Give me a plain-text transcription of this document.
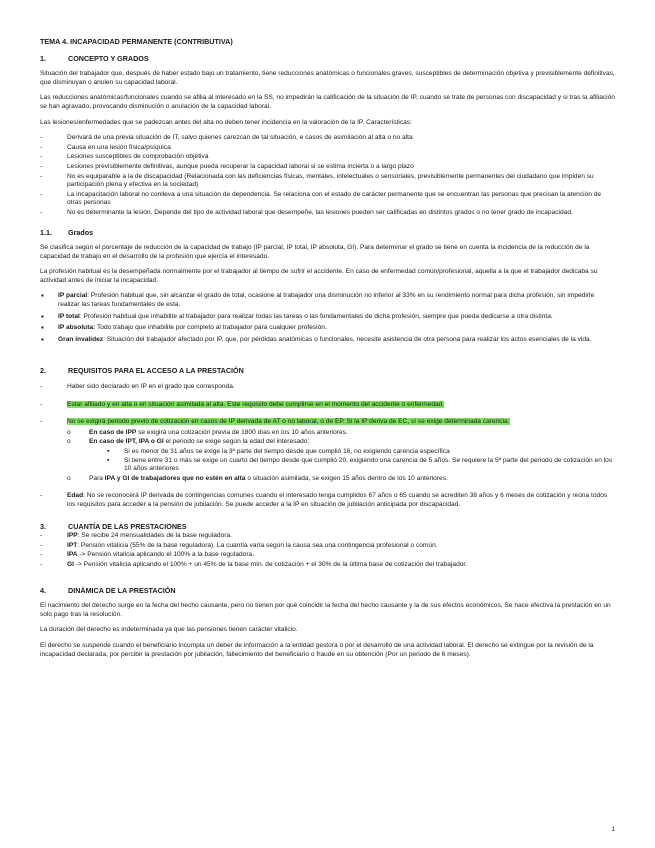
TEMA 4. INCAPACIDAD PERMANENTE (CONTRIBUTIVA)
1.	CONCEPTO Y GRADOS

Situación del trabajador que, después de haber estado bajo un tratamiento, tiene reducciones anatómicas o funcionales graves, susceptibles de determinación objetiva y previsiblemente definitivas, que disminuyan o anulen su capacidad laboral.

Las reducciones anatómicas/funcionales cuando se afilia al interesado en la SS, no impedirán la calificación de la situación de IP, cuando se trate de personas con discapacidad y si tras la afiliación se han agravado, provocando disminución o anulación de la capacidad laboral.

Las lesiones/enfermedades que se padezcan antes del alta no deben tener incidencia en la valoración de la IP. Características:

- Derivará de una previa situación de IT, salvo quienes carezcan de tal situación, e casos de asimilación al alta o no alta
- Causa en una lesión física/psíquica
- Lesiones susceptibles de comprobación objetiva
- Lesiones previsiblemente definitivas, aunque pueda recuperar la capacidad laboral si se estima incierta o a largo plazo
- No es equiparable a la de discapacidad (Relacionada con las deficiencias físicas, mentales, intelectuales o sensoriales, previsiblemente permanentes del ciudadano que impiden su participación plena y efectiva en la sociedad)
- La incapacitación laboral no conlleva a una situación de dependencia. Se relaciona con el estado de carácter permanente que se encuentran las personas que precisan la atención de otras personas
- No es determinante la lesión. Depende del tipo de actividad laboral que desempeñe, las lesiones pueden ser calificadas en distintos grados o no tener grado de incapacidad.
1.1.	Grados

Se clasifica según el porcentaje de reducción de la capacidad de trabajo (IP parcial, IP total, IP absoluta, GI). Para determinar el grado se tiene en cuenta la incidencia de la reducción de la capacidad de trabajo en el desarrollo de la profesión que ejercía el interesado.

La profesión habitual es la desempeñada normalmente por el trabajador al tiempo de sufrir el accidente. En caso de enfermedad común/profesional, aquella a la que el trabajador dedicaba su actividad antes de iniciar la incapacidad.

▪ IP parcial: Profesión habitual que, sin alcanzar el grado de total, ocasione al trabajador una disminución no inferior al 33% en su rendimiento normal para dicha profesión, sin impedirle realizar las tareas fundamentales de esta.
▪ IP total: Profesión habitual que inhabilite al trabajador para realizar todas las tareas o las fundamentales de dicha profesión, siempre que pueda dedicarse a otra distinta.
▪ IP absoluta: Todo trabajo que inhabilite por completo al trabajador para cualquier profesión.
▪ Gran invalidez: Situación del trabajador afectado por IP, que, por pérdidas anatómicas o funcionales, necesite asistencia de otra persona para realizar los actos esenciales de la vida.
2.	REQUISITOS PARA EL ACCESO A LA PRESTACIÓN
- Haber sido declarado en IP en el grado que corresponda.
- Estar afiliado y en alta o en situación asimilada al alta. Este requisito debe cumplirse en el momento del accidente o enfermedad.
- No se exigirá periodo previo de cotización en casos de IP derivada de AT o no laboral, o de EP. Si la IP deriva de EC, sí se exige determinada carencia:
o En caso de IPP se exigirá una cotización previa de 1800 días en los 10 años anteriores.
o En caso de IPT, IPA o GI el periodo se exige según la edad del interesado:
▪ Si es menor de 31 años se exige la 3ª parte del tiempo desde que cumplió 16, no exigiendo carencia específica
▪ Si tiene entre 31 o más se exige un cuarto del tiempo desde que cumplió 20, exigiendo una carencia de 5 años. Se requiere la 5ª parte del periodo de cotización en los 10 años anteriores
o Para IPA y GI de trabajadores que no estén en alta o situación asimilada, se exigen 15 años dentro de los 10 anteriores.
- Edad: No se reconocerá IP derivada de contingencias comunes cuando el interesado tenga cumplidos 67 años o 65 cuando se acrediten 38 años y 6 meses de cotización y reúna todos los requisitos para acceder a la pensión de jubilación. Se puede acceder a la IP en situación de jubilación anticipada por discapacidad.
3.	CUANTÍA DE LAS PRESTACIONES
- IPP: Se recibe 24 mensualidades de la base reguladora.
- IPT: Pensión vitalicia (55% de la base reguladora). La cuantía varía según la causa sea una contingencia profesional o común.
- IPA -> Pensión vitalicia aplicando el 100% a la base reguladora.
- GI -> Pensión vitalicia aplicando el 100% + un 45% de la base mín. de cotización + el 30% de la última base de cotización del trabajador.
4.	DINÁMICA DE LA PRESTACIÓN

El nacimiento del derecho surge en la fecha del hecho causante, pero no tienen por qué coincidir la fecha del hecho causante y la de sus efectos económicos. Se hace efectiva la prestación en un solo pago tras la resolución.

La duración del derecho es indeterminada ya que las pensiones tienen carácter vitalicio.

El derecho se suspende cuando el beneficiario incumpla un deber de información a la entidad gestora o por el desarrollo de una actividad laboral. El derecho se extingue por la revisión de la incapacidad declarada, por percibir la prestación por jubilación, fallecimiento del beneficiario o fraude en su obtención (Por un periodo de 6 meses).

1
